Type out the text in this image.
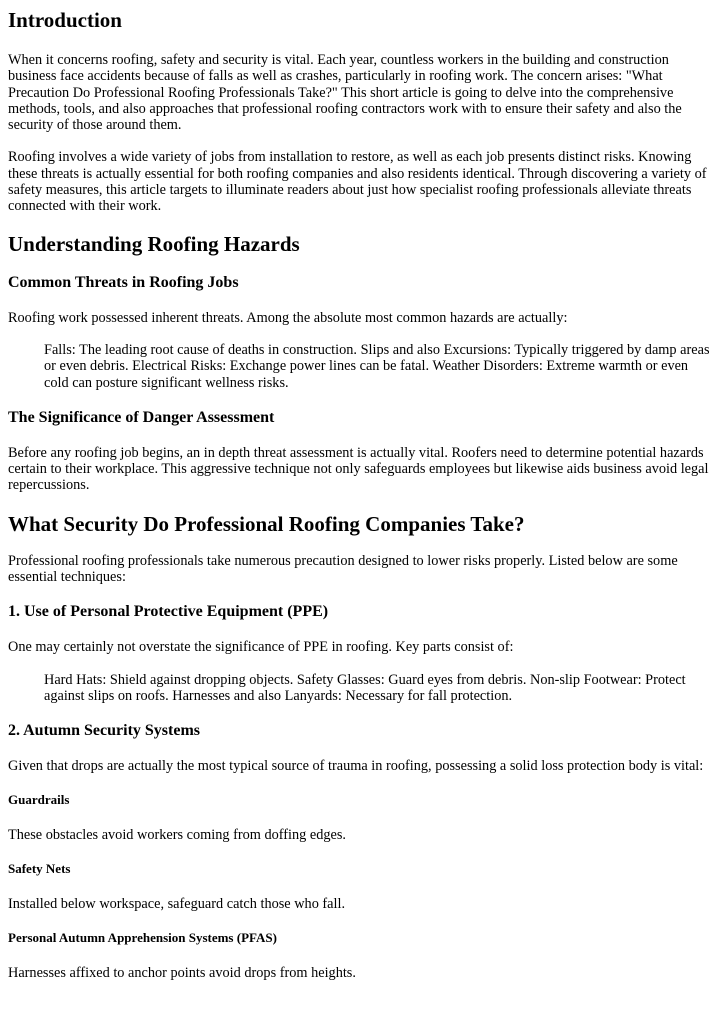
Introduction

When it concerns roofing, safety and security is vital. Each year, countless workers in the building and construction business face accidents because of falls as well as crashes, particularly in roofing work. The concern arises: "What Precaution Do Professional Roofing Professionals Take?" This short article is going to delve into the comprehensive methods, tools, and also approaches that professional roofing contractors work with to ensure their safety and also the security of those around them.

Roofing involves a wide variety of jobs from installation to restore, as well as each job presents distinct risks. Knowing these threats is actually essential for both roofing companies and also residents identical. Through discovering a variety of safety measures, this article targets to illuminate readers about just how specialist roofing professionals alleviate threats connected with their work.

Understanding Roofing Hazards
Common Threats in Roofing Jobs

Roofing work possessed inherent threats. Among the absolute most common hazards are actually:

Falls: The leading root cause of deaths in construction. Slips and also Excursions: Typically triggered by damp areas or even debris. Electrical Risks: Exchange power lines can be fatal. Weather Disorders: Extreme warmth or even cold can posture significant wellness risks.

The Significance of Danger Assessment

Before any roofing job begins, an in depth threat assessment is actually vital. Roofers need to determine potential hazards certain to their workplace. This aggressive technique not only safeguards employees but likewise aids business avoid legal repercussions.

What Security Do Professional Roofing Companies Take?

Professional roofing professionals take numerous precaution designed to lower risks properly. Listed below are some essential techniques:

1. Use of Personal Protective Equipment (PPE)

One may certainly not overstate the significance of PPE in roofing. Key parts consist of:

Hard Hats: Shield against dropping objects. Safety Glasses: Guard eyes from debris. Non-slip Footwear: Protect against slips on roofs. Harnesses and also Lanyards: Necessary for fall protection.

2. Autumn Security Systems

Given that drops are actually the most typical source of trauma in roofing, possessing a solid loss protection body is vital:

Guardrails

These obstacles avoid workers coming from doffing edges.

Safety Nets

Installed below workspace, safeguard catch those who fall.

Personal Autumn Apprehension Systems (PFAS)

Harnesses affixed to anchor points avoid drops from heights.
